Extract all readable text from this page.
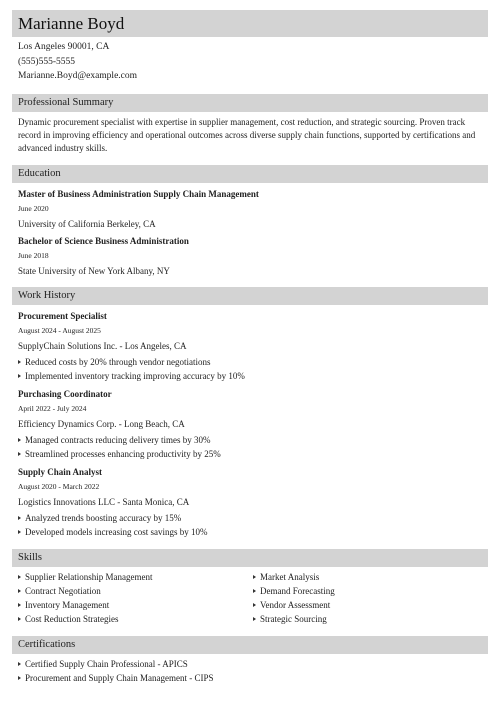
Marianne Boyd
Los Angeles 90001, CA
(555)555-5555
Marianne.Boyd@example.com
Professional Summary
Dynamic procurement specialist with expertise in supplier management, cost reduction, and strategic sourcing. Proven track record in improving efficiency and operational outcomes across diverse supply chain functions, supported by certifications and advanced industry skills.
Education
Master of Business Administration Supply Chain Management
June 2020
University of California Berkeley, CA
Bachelor of Science Business Administration
June 2018
State University of New York Albany, NY
Work History
Procurement Specialist
August 2024 - August 2025
SupplyChain Solutions Inc. - Los Angeles, CA
Reduced costs by 20% through vendor negotiations
Implemented inventory tracking improving accuracy by 10%
Purchasing Coordinator
April 2022 - July 2024
Efficiency Dynamics Corp. - Long Beach, CA
Managed contracts reducing delivery times by 30%
Streamlined processes enhancing productivity by 25%
Supply Chain Analyst
August 2020 - March 2022
Logistics Innovations LLC - Santa Monica, CA
Analyzed trends boosting accuracy by 15%
Developed models increasing cost savings by 10%
Skills
Supplier Relationship Management
Contract Negotiation
Inventory Management
Cost Reduction Strategies
Market Analysis
Demand Forecasting
Vendor Assessment
Strategic Sourcing
Certifications
Certified Supply Chain Professional - APICS
Procurement and Supply Chain Management - CIPS
